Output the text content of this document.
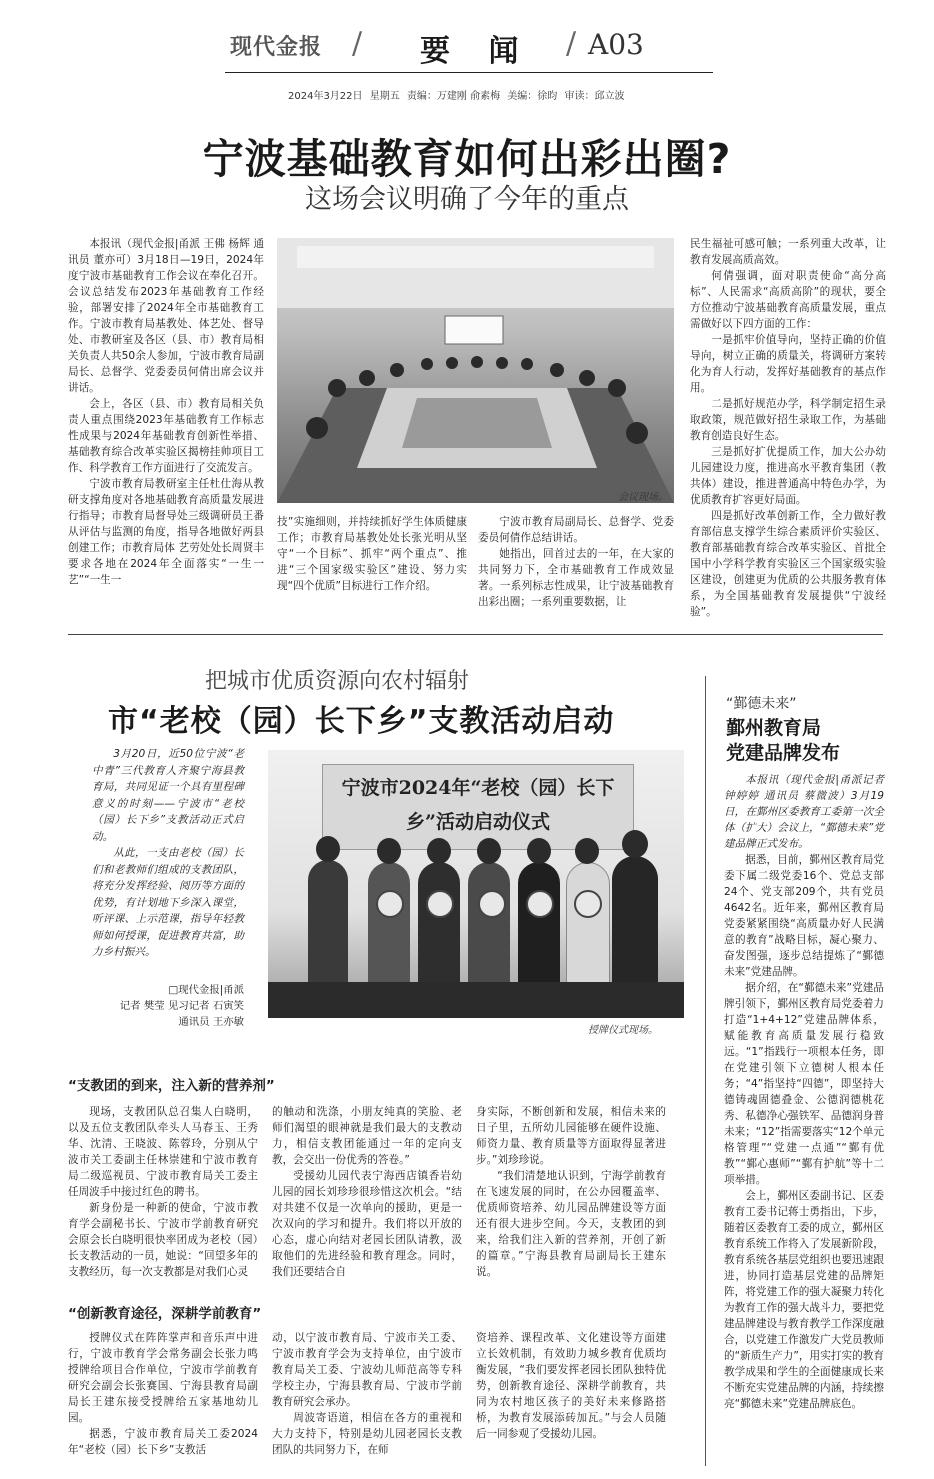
现代金报 / 要 闻 / A03
2024年3月22日 星期五 责编：万建刚 俞素梅 美编：徐昀 审读：邱立波
宁波基础教育如何出彩出圈?
这场会议明确了今年的重点

本报讯（现代金报|甬派 王佛 杨辉 通讯员 董亦可）3月18日—19日，2024年度宁波市基础教育工作会议在奉化召开。会议总结发布2023年基础教育工作经验，部署安排了2024年全市基础教育工作。宁波市教育局基教处、体艺处、督导处、市教研室及各区（县、市）教育局相关负责人共50余人参加，宁波市教育局副局长、总督学、党委委员何倩出席会议并讲话。

会上，各区（县、市）教育局相关负责人重点围绕2023年基础教育工作标志性成果与2024年基础教育创新性举措、基础教育综合改革实验区揭榜挂帅项目工作、科学教育工作方面进行了交流发言。

宁波市教育局教研室主任杜仕海从教研支撑角度对各地基础教育高质量发展进行指导；市教育局督导处三级调研员王番从评估与监测的角度，指导各地做好两县创建工作；市教育局体 艺劳处处长周贤丰要求各地在2024年全面落实“一生一艺”“一生一

会议现场。

技”实施细则，并持续抓好学生体质健康工作；市教育局基教处处长张光明从坚守“一个目标”、抓牢“两个重点”、推进“三个国家级实验区”建设、努力实现“四个优质”目标进行工作介绍。

宁波市教育局副局长、总督学、党委委员何倩作总结讲话。

她指出，回首过去的一年，在大家的共同努力下，全市基础教育工作成效显著。一系列标志性成果，让宁波基础教育出彩出圈；一系列重要数据，让

民生福祉可感可触；一系列重大改革，让教育发展高质高效。

何倩强调，面对职责使命“高分高标”、人民需求“高质高阶”的现状，要全方位推动宁波基础教育高质量发展，重点需做好以下四方面的工作：

一是抓牢价值导向，坚持正确的价值导向，树立正确的质量关，将调研方案转化为育人行动，发挥好基础教育的基点作用。

二是抓好规范办学，科学制定招生录取政策，规范做好招生录取工作，为基础教育创造良好生态。

三是抓好扩优提质工作，加大公办幼儿园建设力度，推进高水平教育集团（教共体）建设，推进普通高中特色办学，为优质教育扩容更好局面。

四是抓好改革创新工作，全力做好教育部信息支撑学生综合素质评价实验区、教育部基础教育综合改革实验区、首批全国中小学科学教育实验区三个国家级实验区建设，创建更为优质的公共服务教育体系，为全国基础教育发展提供“宁波经验”。

把城市优质资源向农村辐射
市“老校（园）长下乡”支教活动启动

3月20日，近50位宁波“老中青”三代教育人齐聚宁海县教育局，共同见证一个具有里程碑意义的时刻——宁波市“老校（园）长下乡”支教活动正式启动。

从此，一支由老校（园）长们和老教师们组成的支教团队，将充分发挥经验、阅历等方面的优势，有计划地下乡深入课堂，听评课、上示范课，指导年轻教师如何授课，促进教育共富，助力乡村振兴。

□现代金报|甬派
记者 樊莹 见习记者 石寅笑
通讯员 王亦敏
宁波市2024年“老校（园）长下乡”活动启动仪式
授牌仪式现场。
“支教团的到来，注入新的营养剂”

现场，支教团队总召集人白晓明，以及五位支教团队牵头人马春玉、王秀华、沈清、王晓波、陈蓉玲，分别从宁波市关工委副主任林崇建和宁波市教育局二级巡视员、宁波市教育局关工委主任周波手中接过红色的聘书。

新身份是一种新的使命，宁波市教育学会副秘书长、宁波市学前教育研究会原会长白晓明很快率团成为老校（园）长支教活动的一员，她说：“回望多年的支教经历，每一次支教都是对我们心灵

的触动和洗涤，小朋友纯真的笑脸、老师们渴望的眼神就是我们最大的支教动力，相信支教团能通过一年的定向支教，会交出一份优秀的答卷。”

受援幼儿园代表宁海西店镇香岩幼儿园的园长刘珍珍很珍惜这次机会。“结对共建不仅是一次单向的援助，更是一次双向的学习和提升。我们将以开放的心态，虚心向结对老园长团队请教，汲取他们的先进经验和教育理念。同时，我们还要结合自

身实际，不断创新和发展，相信未来的日子里，五所幼儿园能够在硬件设施、师资力量、教育质量等方面取得显著进步。”刘珍珍说。

“我们清楚地认识到，宁海学前教育在飞速发展的同时，在公办园覆盖率、优质师资培养、幼儿园品牌建设等方面还有很大进步空间。今天，支教团的到来，给我们注入新的营养剂，开创了新的篇章。”宁海县教育局副局长王建东说。

“创新教育途径，深耕学前教育”

授牌仪式在阵阵掌声和音乐声中进行，宁波市教育学会常务副会长张力鸣授牌给项目合作单位，宁波市学前教育研究会副会长张赛国、宁海县教育局副局长王建东接受授牌给五家基地幼儿园。

据悉，宁波市教育局关工委2024年“老校（园）长下乡”支教活

动，以宁波市教育局、宁波市关工委、宁波市教育学会为支持单位，由宁波市教育局关工委、宁波幼儿师范高等专科学校主办，宁海县教育局、宁波市学前教育研究会承办。

周波寄语道，相信在各方的重视和大力支持下，特别是幼儿园老园长支教团队的共同努力下，在师

资培养、课程改革、文化建设等方面建立长效机制，有效助力城乡教育优质均衡发展，“我们要发挥老园长团队独特优势，创新教育途径、深耕学前教育，共同为农村地区孩子的美好未来修路搭桥，为教育发展添砖加瓦。”与会人员随后一同参观了受援幼儿园。

“鄞德未来”
鄞州教育局
党建品牌发布

本报讯（现代金报|甬派记者 钟婷婷 通讯员 蔡微波）3月19日，在鄞州区委教育工委第一次全体（扩大）会议上，“鄞德未来”党建品牌正式发布。

据悉，目前，鄞州区教育局党委下属二级党委16个、党总支部24个、党支部209个，共有党员4642名。近年来，鄞州区教育局党委紧紧围绕“高质量办好人民满意的教育”战略目标，凝心聚力、奋发图强，逐步总结提炼了“鄞德未来”党建品牌。

据介绍，在“鄞德未来”党建品牌引领下，鄞州区教育局党委着力打造“1+4+12”党建品牌体系，赋能教育高质量发展行稳致远。“1”指践行一项根本任务，即在党建引领下立德树人根本任务；“4”指坚持“四德”，即坚持大德铸魂固德叠金、公德润德桃花秀、私德净心强铁军、品德润身普未来；“12”指需要落实“12个单元格管理”“党建一点通”“鄞有优教”“鄞心惠师”“鄞有护航”等十二项举措。

会上，鄞州区委副书记、区委教育工委书记蒋士勇指出，下步，随着区委教育工委的成立，鄞州区教育系统工作将入了发展新阶段，教育系统各基层党组织也要迅速跟进，协同打造基层党建的品牌矩阵，将党建工作的强大凝聚力转化为教育工作的强大战斗力，要把党建品牌建设与教育教学工作深度融合，以党建工作激发广大党员教师的“新质生产力”，用实打实的教育教学成果和学生的全面健康成长来不断充实党建品牌的内涵，持续擦亮“鄞德未来”党建品牌底色。
